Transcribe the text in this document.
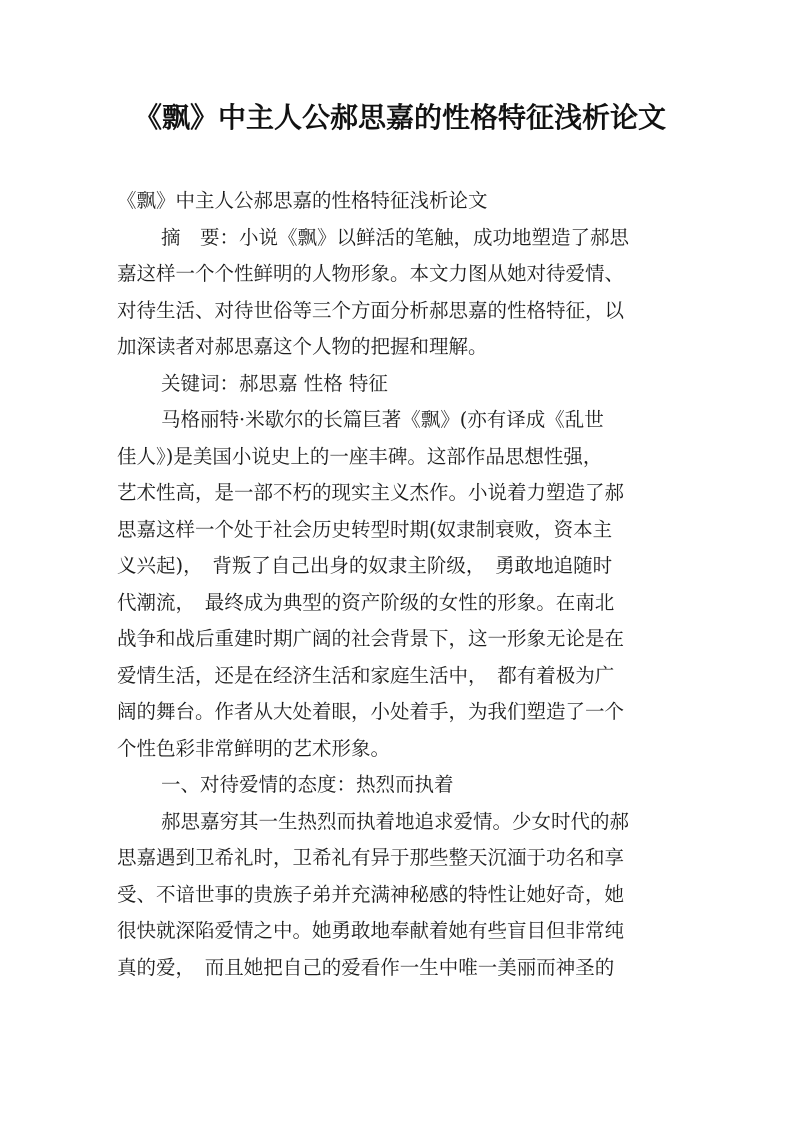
《飘》中主人公郝思嘉的性格特征浅析论文
《飘》中主人公郝思嘉的性格特征浅析论文
摘　要：小说《飘》以鲜活的笔触，成功地塑造了郝思
嘉这样一个个性鲜明的人物形象。本文力图从她对待爱情、
对待生活、对待世俗等三个方面分析郝思嘉的性格特征，以
加深读者对郝思嘉这个人物的把握和理解。
关键词：郝思嘉 性格 特征
马格丽特·米歇尔的长篇巨著《飘》(亦有译成《乱世
佳人》)是美国小说史上的一座丰碑。这部作品思想性强，
艺术性高，是一部不朽的现实主义杰作。小说着力塑造了郝
思嘉这样一个处于社会历史转型时期(奴隶制衰败，资本主
义兴起)，　背叛了自己出身的奴隶主阶级，　勇敢地追随时
代潮流，　最终成为典型的资产阶级的女性的形象。在南北
战争和战后重建时期广阔的社会背景下，这一形象无论是在
爱情生活，还是在经济生活和家庭生活中，　都有着极为广
阔的舞台。作者从大处着眼，小处着手，为我们塑造了一个
个性色彩非常鲜明的艺术形象。
一、对待爱情的态度：热烈而执着
郝思嘉穷其一生热烈而执着地追求爱情。少女时代的郝
思嘉遇到卫希礼时，卫希礼有异于那些整天沉湎于功名和享
受、不谙世事的贵族子弟并充满神秘感的特性让她好奇，她
很快就深陷爱情之中。她勇敢地奉献着她有些盲目但非常纯
真的爱，　而且她把自己的爱看作一生中唯一美丽而神圣的
